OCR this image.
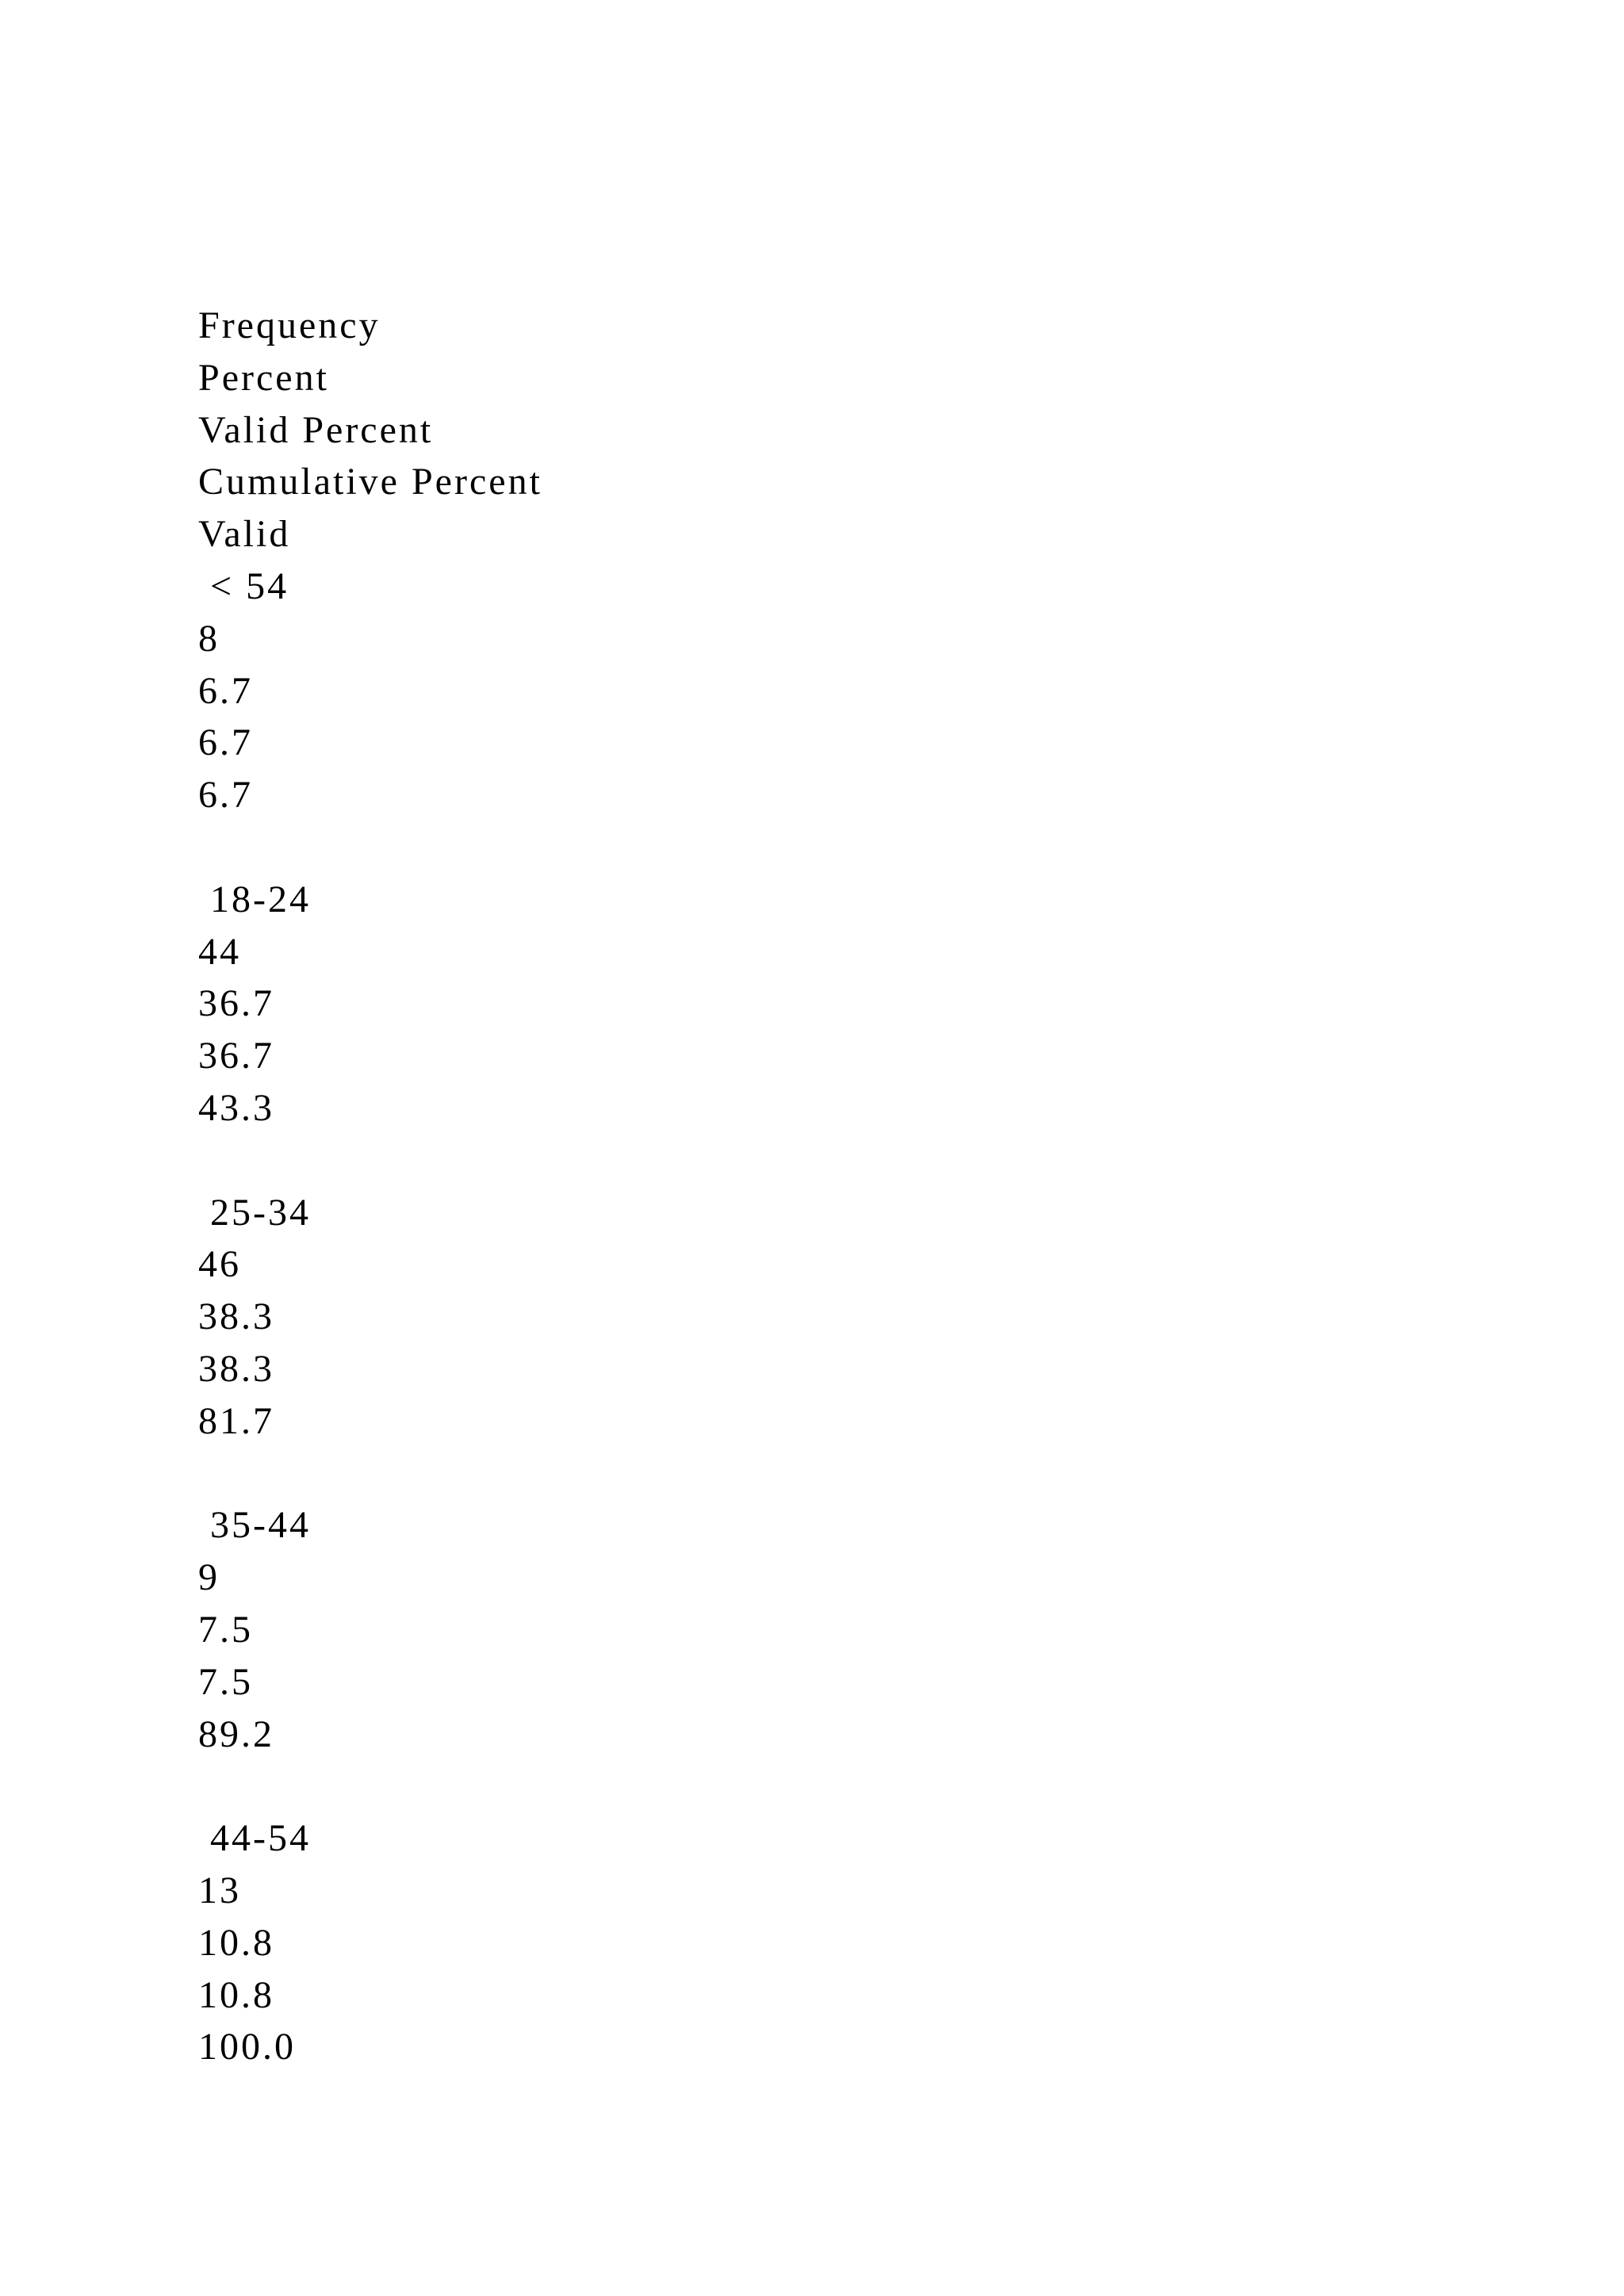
Frequency

Percent

Valid Percent

Cumulative Percent

Valid

< 54

8

6.7

6.7

6.7

18-24

44

36.7

36.7

43.3

25-34

46

38.3

38.3

81.7

35-44

9

7.5

7.5

89.2

44-54

13

10.8

10.8

100.0
